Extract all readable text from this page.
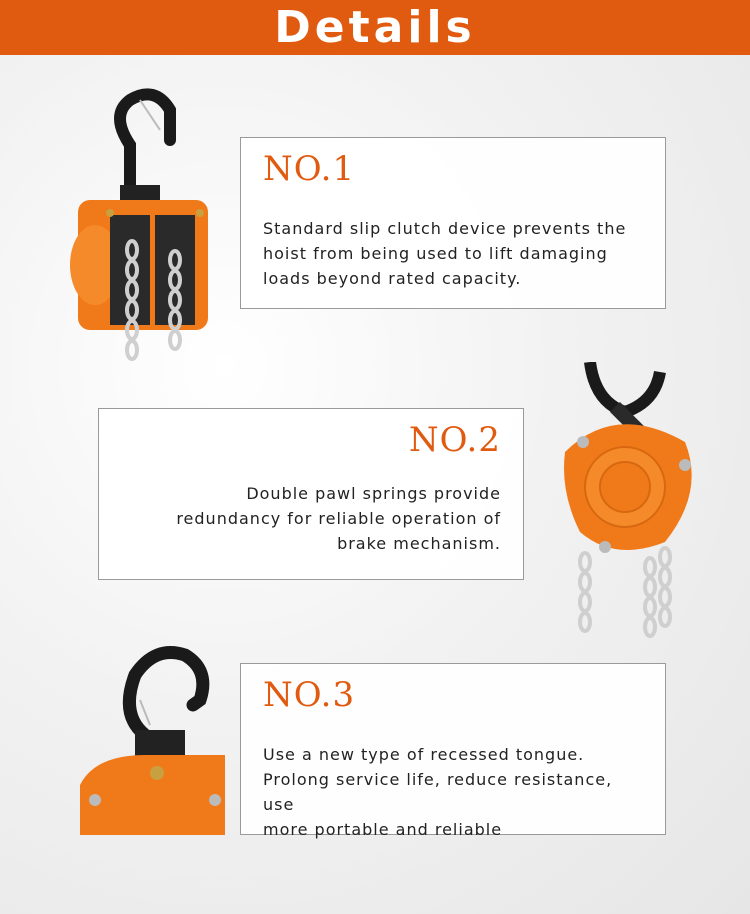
Details

NO.1

Standard slip clutch device prevents the
hoist from being used to lift damaging
loads beyond rated capacity.

NO.2

Double pawl springs provide
redundancy for reliable operation of
brake mechanism.

NO.3

Use a new type of recessed tongue.
Prolong service life, reduce resistance, use
more portable and reliable
